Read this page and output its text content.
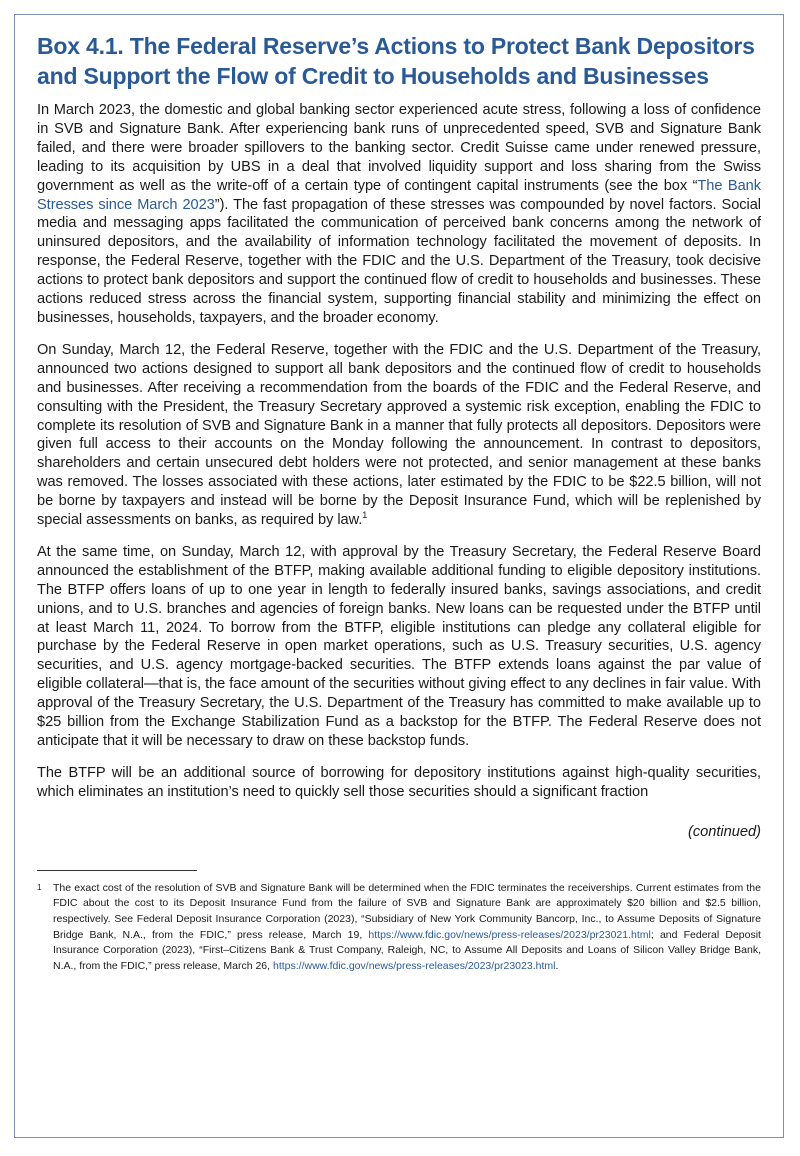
Box 4.1. The Federal Reserve’s Actions to Protect Bank Depositors and Support the Flow of Credit to Households and Businesses

In March 2023, the domestic and global banking sector experienced acute stress, following a loss of confidence in SVB and Signature Bank. After experiencing bank runs of unprecedented speed, SVB and Signature Bank failed, and there were broader spillovers to the banking sector. Credit Suisse came under renewed pressure, leading to its acquisition by UBS in a deal that involved liquidity support and loss sharing from the Swiss government as well as the write-off of a certain type of contingent capital instruments (see the box “The Bank Stresses since March 2023”). The fast propagation of these stresses was compounded by novel factors. Social media and messaging apps facilitated the communication of perceived bank concerns among the network of uninsured depositors, and the availability of information technology facilitated the movement of deposits. In response, the Federal Reserve, together with the FDIC and the U.S. Department of the Treasury, took decisive actions to protect bank depositors and support the continued flow of credit to households and businesses. These actions reduced stress across the financial system, supporting financial stability and minimizing the effect on businesses, households, taxpayers, and the broader economy.

On Sunday, March 12, the Federal Reserve, together with the FDIC and the U.S. Department of the Treasury, announced two actions designed to support all bank depositors and the continued flow of credit to households and businesses. After receiving a recommendation from the boards of the FDIC and the Federal Reserve, and consulting with the President, the Treasury Secretary approved a systemic risk exception, enabling the FDIC to complete its resolution of SVB and Signature Bank in a manner that fully protects all depositors. Depositors were given full access to their accounts on the Monday following the announcement. In contrast to depositors, shareholders and certain unsecured debt holders were not protected, and senior management at these banks was removed. The losses associated with these actions, later estimated by the FDIC to be $22.5 billion, will not be borne by taxpayers and instead will be borne by the Deposit Insurance Fund, which will be replenished by special assessments on banks, as required by law.$^1$

At the same time, on Sunday, March 12, with approval by the Treasury Secretary, the Federal Reserve Board announced the establishment of the BTFP, making available additional funding to eligible depository institutions. The BTFP offers loans of up to one year in length to federally insured banks, savings associations, and credit unions, and to U.S. branches and agencies of foreign banks. New loans can be requested under the BTFP until at least March 11, 2024. To borrow from the BTFP, eligible institutions can pledge any collateral eligible for purchase by the Federal Reserve in open market operations, such as U.S. Treasury securities, U.S. agency securities, and U.S. agency mortgage-backed securities. The BTFP extends loans against the par value of eligible collateral—that is, the face amount of the securities without giving effect to any declines in fair value. With approval of the Treasury Secretary, the U.S. Department of the Treasury has committed to make available up to $25 billion from the Exchange Stabilization Fund as a backstop for the BTFP. The Federal Reserve does not anticipate that it will be necessary to draw on these backstop funds.

The BTFP will be an additional source of borrowing for depository institutions against high-quality securities, which eliminates an institution’s need to quickly sell those securities should a significant fraction

(continued)
1	The exact cost of the resolution of SVB and Signature Bank will be determined when the FDIC terminates the receiverships. Current estimates from the FDIC about the cost to its Deposit Insurance Fund from the failure of SVB and Signature Bank are approximately $20 billion and $2.5 billion, respectively. See Federal Deposit Insurance Corporation (2023), “Subsidiary of New York Community Bancorp, Inc., to Assume Deposits of Signature Bridge Bank, N.A., from the FDIC,” press release, March 19, https://www.fdic.gov/news/press-releases/2023/pr23021.html; and Federal Deposit Insurance Corporation (2023), “First–Citizens Bank & Trust Company, Raleigh, NC, to Assume All Deposits and Loans of Silicon Valley Bridge Bank, N.A., from the FDIC,” press release, March 26, https://www.fdic.gov/news/press-releases/2023/pr23023.html.
